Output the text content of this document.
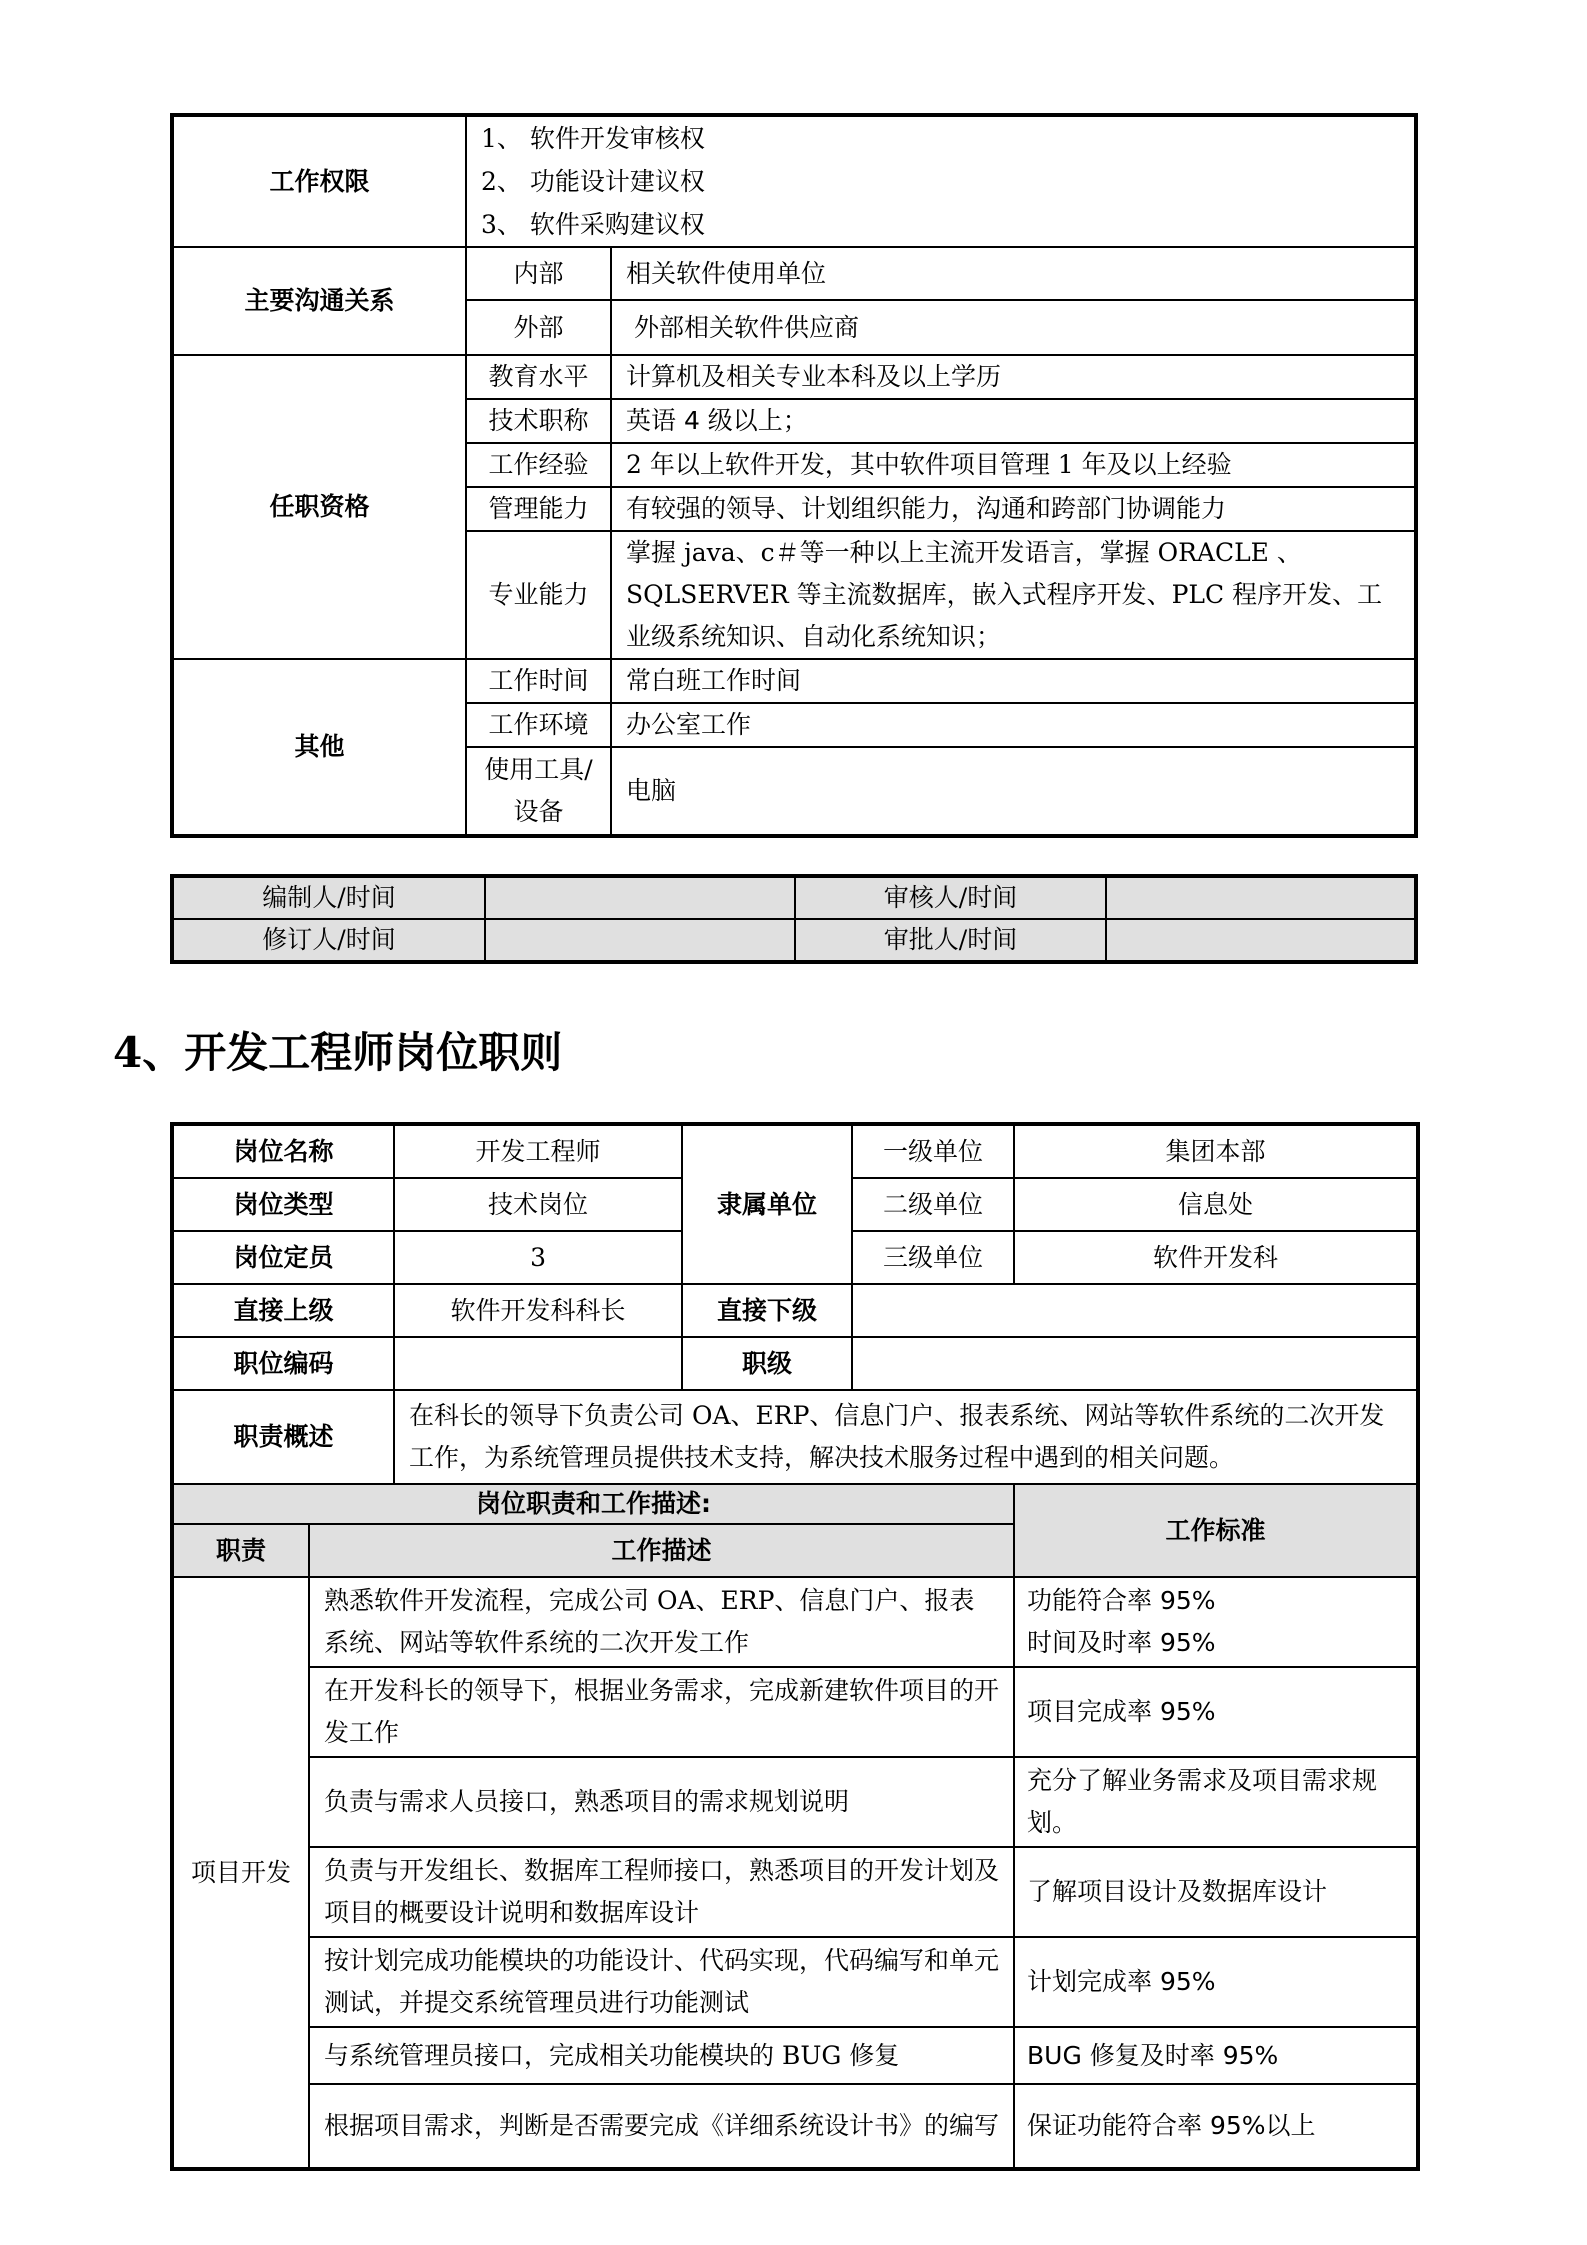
工作权限	1、 软件开发审核权
2、 功能设计建议权
3、 软件采购建议权	

主要沟通关系	内部	相关软件使用单位
	外部	外部相关软件供应商
任职资格	教育水平	计算机及相关专业本科及以上学历
	技术职称	英语 4 级以上；
	工作经验	2 年以上软件开发，其中软件项目管理 1 年及以上经验
	管理能力	有较强的领导、计划组织能力，沟通和跨部门协调能力
	专业能力	掌握 java、c＃等一种以上主流开发语言，掌握 ORACLE 、SQLSERVER 等主流数据库，嵌入式程序开发、PLC 程序开发、工业级系统知识、自动化系统知识；
其他	工作时间	常白班工作时间
	工作环境	办公室工作
	使用工具/设备	电脑
编制人/时间		审核人/时间	
修订人/时间		审批人/时间	
4、开发工程师岗位职则
岗位名称		开发工程师	隶属单位	一级单位	集团本部
岗位类型		技术岗位		二级单位	信息处
岗位定员		3		三级单位	软件开发科
直接上级		软件开发科科长	直接下级		
职位编码			职级		
职责概述		在科长的领导下负责公司 OA、ERP、信息门户、报表系统、网站等软件系统的二次开发工作，为系统管理员提供技术支持，解决技术服务过程中遇到的相关问题。			
岗位职责和工作描述:					工作标准
职责	工作描述				
项目开发	熟悉软件开发流程，完成公司 OA、ERP、信息门户、报表系统、网站等软件系统的二次开发工作				功能符合率 95%
时间及时率 95%

	在开发科长的领导下，根据业务需求，完成新建软件项目的开发工作				项目完成率 95%
	负责与需求人员接口，熟悉项目的需求规划说明				充分了解业务需求及项目需求规划。
	负责与开发组长、数据库工程师接口，熟悉项目的开发计划及项目的概要设计说明和数据库设计				了解项目设计及数据库设计
	按计划完成功能模块的功能设计、代码实现，代码编写和单元测试，并提交系统管理员进行功能测试				计划完成率 95%
	与系统管理员接口，完成相关功能模块的 BUG 修复				BUG 修复及时率 95%
	根据项目需求，判断是否需要完成《详细系统设计书》的编写				保证功能符合率 95%以上
